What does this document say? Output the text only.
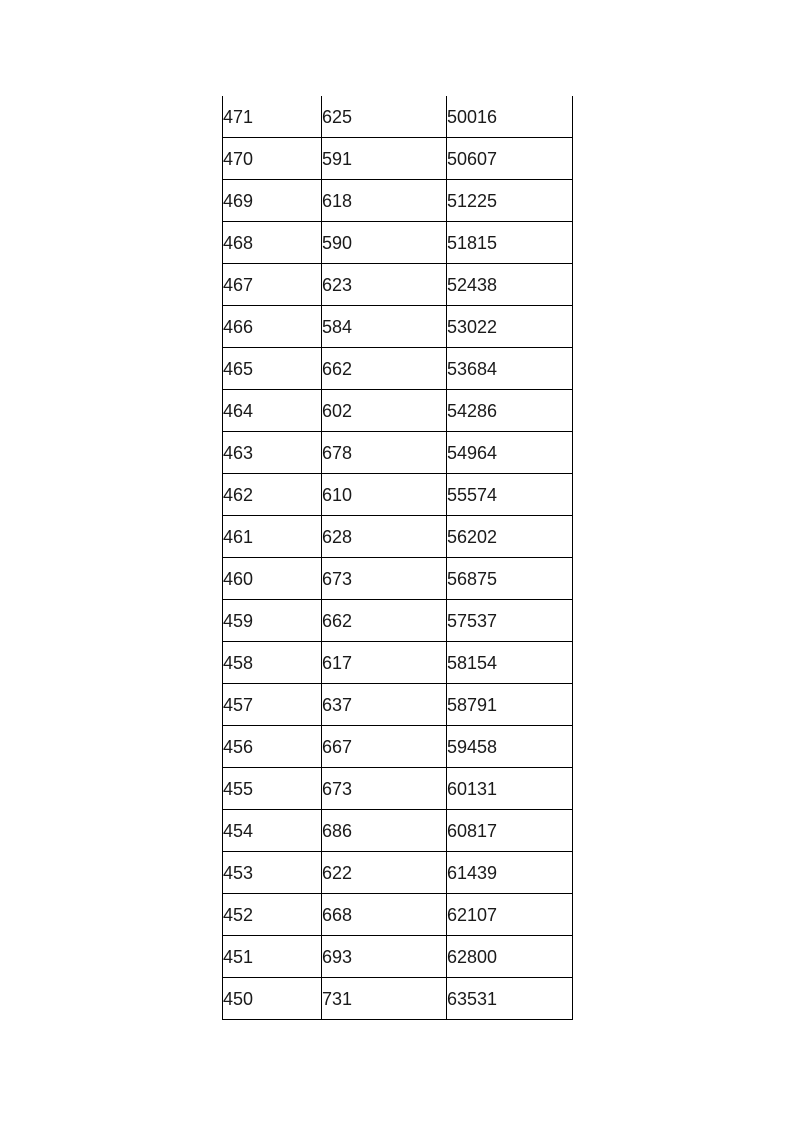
471	625	50016
470	591	50607
469	618	51225
468	590	51815
467	623	52438
466	584	53022
465	662	53684
464	602	54286
463	678	54964
462	610	55574
461	628	56202
460	673	56875
459	662	57537
458	617	58154
457	637	58791
456	667	59458
455	673	60131
454	686	60817
453	622	61439
452	668	62107
451	693	62800
450	731	63531
